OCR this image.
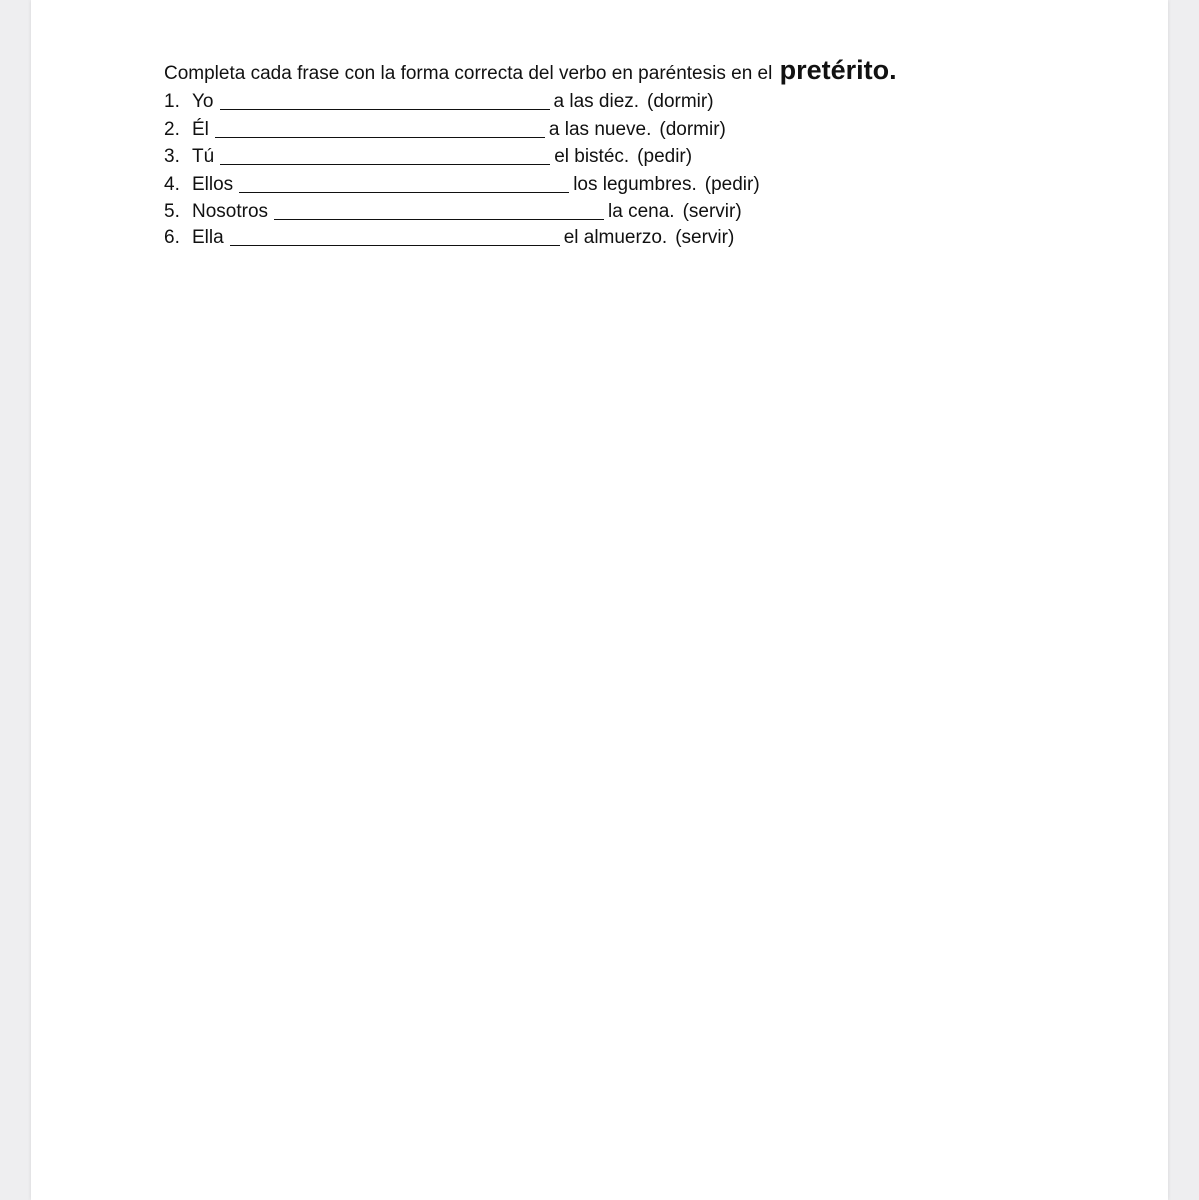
Completa cada frase con la forma correcta del verbo en paréntesis en el pretérito.
1. Yo	a las diez. (dormir)
2. Él	a las nueve. (dormir)
3. Tú	el bistéc. (pedir)
4. Ellos	los legumbres. (pedir)
5. Nosotros	la cena. (servir)
6. Ella	el almuerzo. (servir)
